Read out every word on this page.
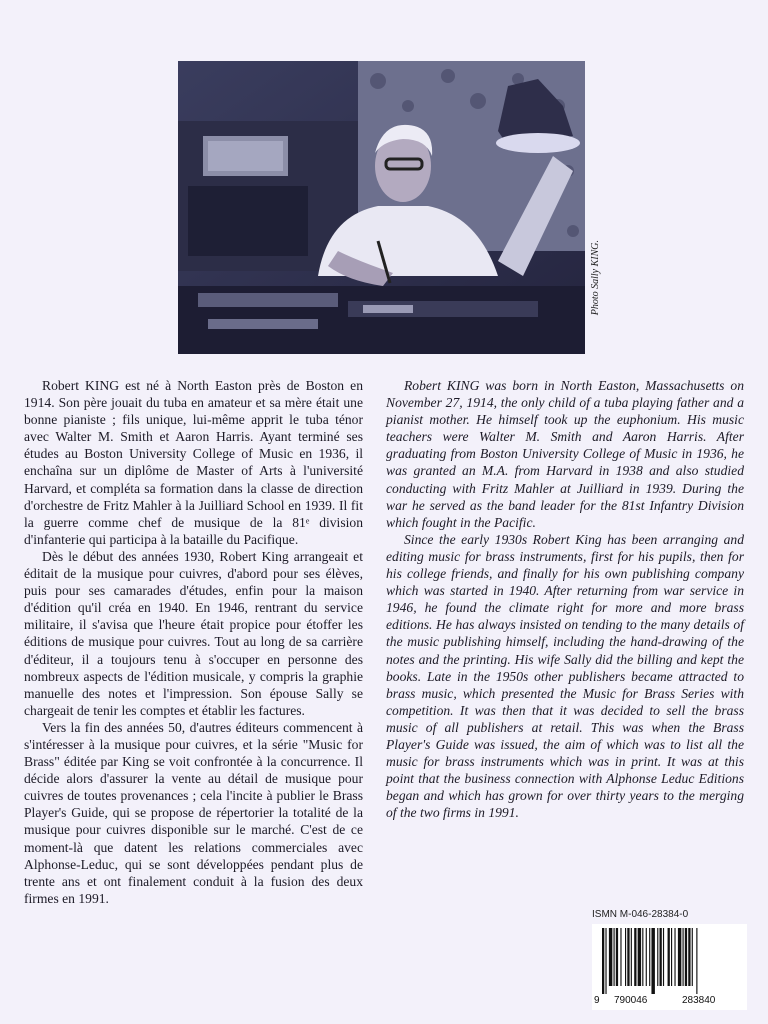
Photo Sally KING.

Robert KING est né à North Easton près de Boston en 1914. Son père jouait du tuba en amateur et sa mère était une bonne pianiste ; fils unique, lui-même apprit le tuba ténor avec Walter M. Smith et Aaron Harris. Ayant terminé ses études au Boston University College of Music en 1936, il enchaîna sur un diplôme de Master of Arts à l'université Harvard, et compléta sa formation dans la classe de direction d'orchestre de Fritz Mahler à la Juilliard School en 1939. Il fit la guerre comme chef de musique de la 81ᵉ division d'infanterie qui participa à la bataille du Pacifique.

Dès le début des années 1930, Robert King arrangeait et éditait de la musique pour cuivres, d'abord pour ses élèves, puis pour ses camarades d'études, enfin pour la maison d'édition qu'il créa en 1940. En 1946, rentrant du service militaire, il s'avisa que l'heure était propice pour étoffer les éditions de musique pour cuivres. Tout au long de sa carrière d'éditeur, il a toujours tenu à s'occuper en personne des nombreux aspects de l'édition musicale, y compris la graphie manuelle des notes et l'impression. Son épouse Sally se chargeait de tenir les comptes et établir les factures.

Vers la fin des années 50, d'autres éditeurs commencent à s'intéresser à la musique pour cuivres, et la série "Music for Brass" éditée par King se voit confrontée à la concurrence. Il décide alors d'assurer la vente au détail de musique pour cuivres de toutes provenances ; cela l'incite à publier le Brass Player's Guide, qui se propose de répertorier la totalité de la musique pour cuivres disponible sur le marché. C'est de ce moment-là que datent les relations commerciales avec Alphonse-Leduc, qui se sont développées pendant plus de trente ans et ont finalement conduit à la fusion des deux firmes en 1991.

Robert KING was born in North Easton, Massachusetts on November 27, 1914, the only child of a tuba playing father and a pianist mother. He himself took up the euphonium. His music teachers were Walter M. Smith and Aaron Harris. After graduating from Boston University College of Music in 1936, he was granted an M.A. from Harvard in 1938 and also studied conducting with Fritz Mahler at Juilliard in 1939. During the war he served as the band leader for the 81st Infantry Division which fought in the Pacific.

Since the early 1930s Robert King has been arranging and editing music for brass instruments, first for his pupils, then for his college friends, and finally for his own publishing company which was started in 1940. After returning from war service in 1946, he found the climate right for more and more brass editions. He has always insisted on tending to the many details of the music publishing himself, including the hand-drawing of the notes and the printing. His wife Sally did the billing and kept the books. Late in the 1950s other publishers became attracted to brass music, which presented the Music for Brass Series with competition. It was then that it was decided to sell the brass music of all publishers at retail. This was when the Brass Player's Guide was issued, the aim of which was to list all the music for brass instruments which was in print. It was at this point that the business connection with Alphonse Leduc Editions began and which has grown for over thirty years to the merging of the two firms in 1991.

ISMN M-046-28384-0
9 790046	283840
